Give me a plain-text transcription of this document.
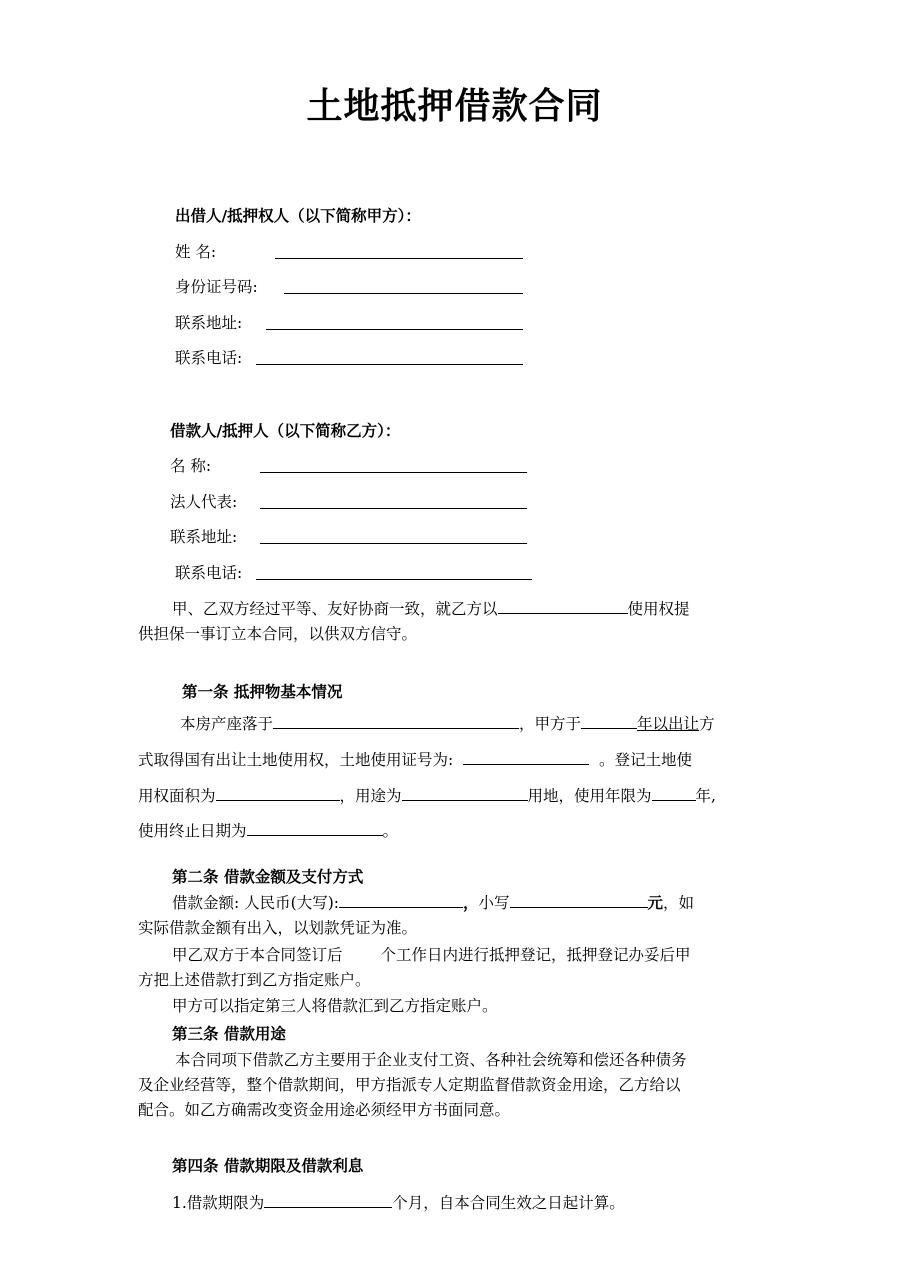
土地抵押借款合同
出借人/抵押权人（以下简称甲方）：
姓 名:
身份证号码:
联系地址:
联系电话:
借款人/抵押人（以下简称乙方）：
名 称:
法人代表:
联系地址:
联系电话:
甲、乙双方经过平等、友好协商一致，就乙方以	使用权提
供担保一事订立本合同，以供双方信守。
第一条 抵押物基本情况
本房产座落于	，甲方于	年以出让方
式取得国有出让土地使用权，土地使用证号为:	。登记土地使
用权面积为	，用途为	用地，使用年限为	年,
使用终止日期为	。
第二条 借款金额及支付方式
借款金额: 人民币(大写):	，小写	元，如
实际借款金额有出入，以划款凭证为准。
甲乙双方于本合同签订后 个工作日内进行抵押登记，抵押登记办妥后甲
方把上述借款打到乙方指定账户。
甲方可以指定第三人将借款汇到乙方指定账户。
第三条 借款用途
本合同项下借款乙方主要用于企业支付工资、各种社会统筹和偿还各种债务
及企业经营等，整个借款期间，甲方指派专人定期监督借款资金用途，乙方给以
配合。如乙方确需改变资金用途必须经甲方书面同意。
第四条 借款期限及借款利息
1.借款期限为	个月，自本合同生效之日起计算。
